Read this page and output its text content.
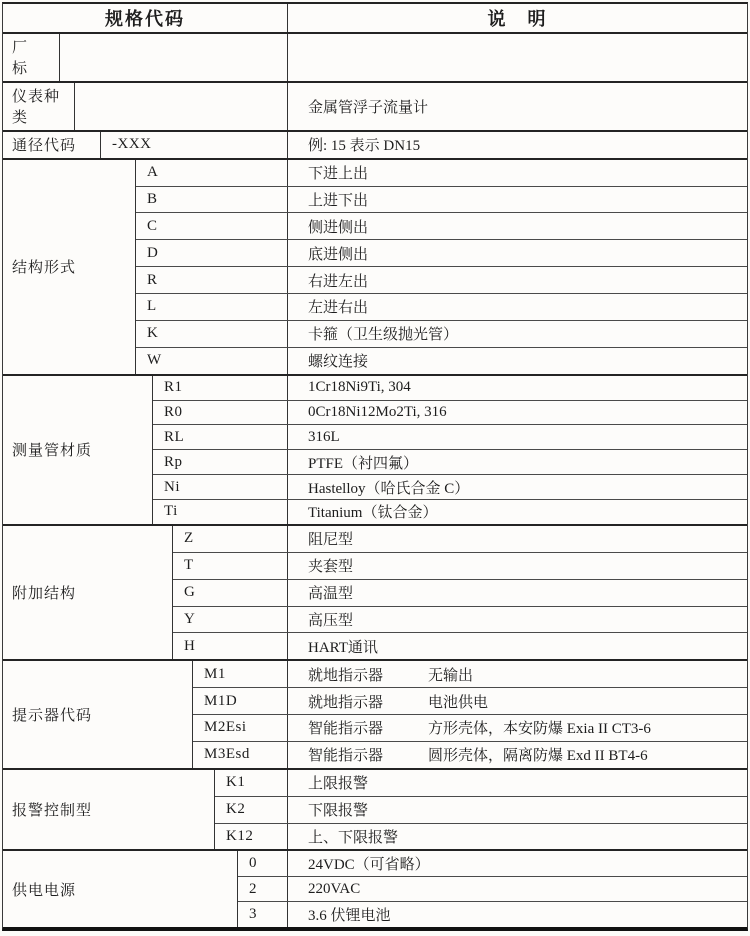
规格代码	说　明
厂　标
仪表种类
金属管浮子流量计
通径代码	-XXX	例: 15 表示 DN15
结构形式
A	下进上出
B	上进下出
C	侧进侧出
D	底进侧出
R	右进左出
L	左进右出
K	卡箍（卫生级抛光管）
W	螺纹连接
测量管材质
R1	1Cr18Ni9Ti, 304
R0	0Cr18Ni12Mo2Ti, 316
RL	316L
Rp	PTFE（衬四氟）
Ni	Hastelloy（哈氏合金 C）
Ti	Titanium（钛合金）
附加结构
Z	阻尼型
T	夹套型
G	高温型
Y	高压型
H	HART通讯
提示器代码
M1	就地指示器	无输出
M1D	就地指示器	电池供电
M2Esi	智能指示器	方形壳体，本安防爆 Exia II CT3-6
M3Esd	智能指示器	圆形壳体，隔离防爆 Exd II BT4-6
报警控制型
K1	上限报警
K2	下限报警
K12	上、下限报警
供电电源
0	24VDC（可省略）
2	220VAC
3	3.6 伏锂电池
